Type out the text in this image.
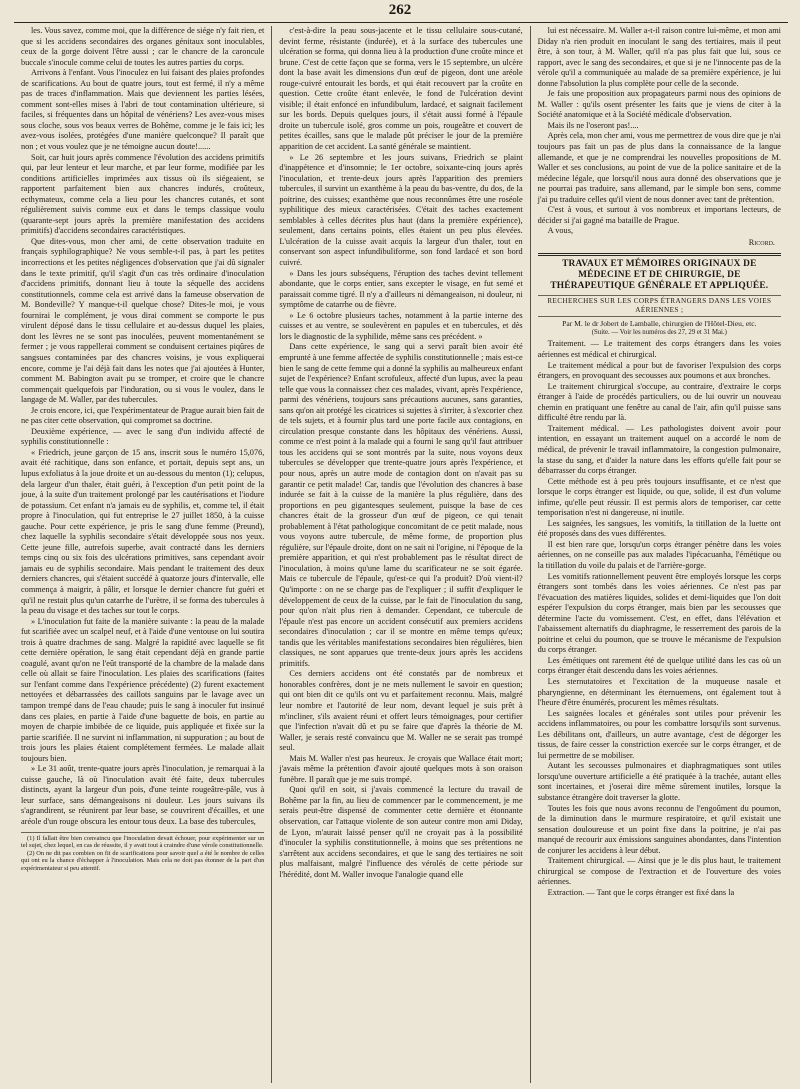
262

les. Vous savez, comme moi, que la différence de siége n'y fait rien, et que si les accidens secondaires des organes génitaux sont inoculables, ceux de la gorge doivent l'être aussi ; car le chancre de la caroncule buccale s'inocule comme celui de toutes les autres parties du corps.

Arrivons à l'enfant. Vous l'inoculez en lui faisant des plaies profondes de scarifications. Au bout de quatre jours, tout est fermé, il n'y a même pas de traces d'inflammation. Mais que deviennent les parties lésées, comment sont-elles mises à l'abri de tout contamination ultérieure, si faciles, si fréquentes dans un hôpital de vénériens? Les avez-vous mises sous cloche, sous vos beaux verres de Bohême, comme je le fais ici; les avez-vous isolées, protégées d'une manière quelconque? Il paraît que non ; et vous voulez que je ne témoigne aucun doute!......

Soit, car huit jours après commence l'évolution des accidens primitifs qui, par leur lenteur et leur marche, et par leur forme, modifiée par les conditions artificielles imprimées aux tissus où ils siégeaient, se rapportent parfaitement bien aux chancres indurés, croûteux, ecthymateux, comme cela a lieu pour les chancres cutanés, et sont régulièrement suivis comme eux et dans le temps classique voulu (quarante-sept jours après la première manifestation des accidens primitifs) d'accidens secondaires caractéristiques.

Que dites-vous, mon cher ami, de cette observation traduite en français syphilographique? Ne vous semble-t-il pas, à part les petites incorrections et les petites négligences d'observation que j'ai dû signaler dans le texte primitif, qu'il s'agit d'un cas très ordinaire d'inoculation d'accidens primitifs, donnant lieu à toute la séquelle des accidens constitutionnels, comme cela est arrivé dans la fameuse observation de M. Bondeville? Y manque-t-il quelque chose? Dites-le moi, je vous fournirai le complément, je vous dirai comment se comporte le pus virulent déposé dans le tissu cellulaire et au-dessus duquel les plaies, dont les lèvres ne se sont pas inoculées, peuvent momentanément se fermer ; je vous rappellerai comment se conduisent certaines piqûres de sangsues contaminées par des chancres voisins, je vous expliquerai encore, comme je l'ai déjà fait dans les notes que j'ai ajoutées à Hunter, comment M. Babington avait pu se tromper, et croire que le chancre commençait quelquefois par l'induration, ou si vous le voulez, dans le langage de M. Waller, par des tubercules.

Je crois encore, ici, que l'expérimentateur de Prague aurait bien fait de ne pas citer cette observation, qui compromet sa doctrine.

Deuxième expérience, — avec le sang d'un individu affecté de syphilis constitutionnelle :

« Friedrich, jeune garçon de 15 ans, inscrit sous le numéro 15,076, avait été rachitique, dans son enfance, et portait, depuis sept ans, un lupus exfoliatus à la joue droite et un au-dessous du menton (1); celupus, dela largeur d'un thaler, était guéri, à l'exception d'un petit point de la joue, à la suite d'un traitement prolongé par les cautérisations et l'iodure de potassium. Cet enfant n'a jamais eu de syphilis, et, comme tel, il était propre à l'inoculation, qui fut entreprise le 27 juillet 1850, à la cuisse gauche. Pour cette expérience, je pris le sang d'une femme (Preund), chez laquelle la syphilis secondaire s'était développée sous nos yeux. Cette jeune fille, autrefois superbe, avait contracté dans les derniers temps cinq ou six fois des ulcérations primitives, sans cependant avoir jamais eu de syphilis secondaire. Mais pendant le traitement des deux derniers chancres, qui s'étaient succédé à quatorze jours d'intervalle, elle commença à maigrir, à pâlir, et lorsque le dernier chancre fut guéri et qu'il ne restait plus qu'un catarrhe de l'urètre, il se forma des tubercules à la peau du visage et des taches sur tout le corps.

» L'inoculation fut faite de la manière suivante : la peau de la malade fut scarifiée avec un scalpel neuf, et à l'aide d'une ventouse on lui soutira trois à quatre drachmes de sang. Malgré la rapidité avec laquelle se fit cette dernière opération, le sang était cependant déjà en grande partie coagulé, avant qu'on ne l'eût transporté de la chambre de la malade dans celle où allait se faire l'inoculation. Les plaies des scarifications (faites sur l'enfant comme dans l'expérience précédente) (2) furent exactement nettoyées et débarrassées des caillots sanguins par le lavage avec un tampon trempé dans de l'eau chaude; puis le sang à inoculer fut insinué dans ces plaies, en partie à l'aide d'une baguette de bois, en partie au moyen de charpie imbibée de ce liquide, puis appliquée et fixée sur la partie scarifiée. Il ne survint ni inflammation, ni suppuration ; au bout de trois jours les plaies étaient complétement fermées. Le malade allait toujours bien.

» Le 31 août, trente-quatre jours après l'inoculation, je remarquai à la cuisse gauche, là où l'inoculation avait été faite, deux tubercules distincts, ayant la largeur d'un pois, d'une teinte rougeâtre-pâle, vus à leur surface, sans démangeaisons ni douleur. Les jours suivans ils s'agrandirent, se réunirent par leur base, se couvrirent d'écailles, et une aréole d'un rouge obscura les entour tous deux. La base des tubercules,

(1) Il fallait être bien convaincu que l'inoculation devait échouer, pour expérimenter sur un tel sujet, chez lequel, en cas de réussite, il y avait tout à craindre d'une vérole constitutionnelle.

(2) On ne dit pas combien on fit de scarifications pour savoir quel a été le nombre de celles qui ont eu la chance d'échapper à l'inoculation. Mais cela ne doit pas étonner de la part d'un expérimentateur si peu attentif.

c'est-à-dire la peau sous-jacente et le tissu cellulaire sous-cutané, devint ferme, résistante (indurée), et à la surface des tubercules une ulcération se forma, qui donna lieu à la production d'une croûte mince et brune. C'est de cette façon que se forma, vers le 15 septembre, un ulcère dont la base avait les dimensions d'un œuf de pigeon, dont une aréole rouge-cuivré entourait les bords, et qui était recouvert par la croûte en question. Cette croûte étant enlevée, le fond de l'ulcération devint visible; il était enfoncé en infundibulum, lardacé, et saignait facilement sur les bords. Depuis quelques jours, il s'était aussi formé à l'épaule droite un tubercule isolé, gros comme un pois, rougeâtre et couvert de petites écailles, sans que le malade pût préciser le jour de la première apparition de cet accident. La santé générale se maintient.

» Le 26 septembre et les jours suivans, Friedrich se plaint d'inappétence et d'insomnie; le 1er octobre, soixante-cinq jours après l'inoculation, et trente-deux jours après l'apparition des premiers tubercules, il survint un exanthème à la peau du bas-ventre, du dos, de la poitrine, des cuisses; exanthème que nous reconnûmes être une roséole syphilitique des mieux caractérisées. C'était des taches exactement semblables à celles décrites plus haut (dans la première expérience), seulement, dans certains points, elles étaient un peu plus élevées. L'ulcération de la cuisse avait acquis la largeur d'un thaler, tout en conservant son aspect infundibuliforme, son fond lardacé et son bord cuivré.

» Dans les jours subséquens, l'éruption des taches devint tellement abondante, que le corps entier, sans excepter le visage, en fut semé et paraissait comme tigré. Il n'y a d'ailleurs ni démangeaison, ni douleur, ni symptôme de catarrhe ou de fièvre.

» Le 6 octobre plusieurs taches, notamment à la partie interne des cuisses et au ventre, se soulevèrent en papules et en tubercules, et dès lors le diagnostic de la syphilide, même sans ces précédent. »

Dans cette expérience, le sang qui a servi paraît bien avoir été emprunté à une femme affectée de syphilis constitutionnelle ; mais est-ce bien le sang de cette femme qui a donné la syphilis au malheureux enfant sujet de l'expérience? Enfant scrofuleux, affecté d'un lupus, avec la peau telle que vous la connaissez chez ces malades, vivant, après l'expérience, parmi des vénériens, toujours sans précautions aucunes, sans garanties, sans qu'on ait protégé les cicatrices si sujettes à s'irriter, à s'excorier chez de tels sujets, et à fournir plus tard une porte facile aux contagions, en circulation presque constante dans les hôpitaux des vénériens. Aussi, comme ce n'est point à la malade qui a fourni le sang qu'il faut attribuer tous les accidens qui se sont montrés par la suite, nous voyons deux tubercules se développer que trente-quatre jours après l'expérience, et pour nous, après un autre mode de contagion dont on n'avait pas su garantir ce petit malade! Car, tandis que l'évolution des chancres à base indurée se fait à la cuisse de la manière la plus régulière, dans des proportions en peu gigantesques seulement, puisque la base de ces chancres était de la grosseur d'un œuf de pigeon, ce qui tenait probablement à l'état pathologique concomitant de ce petit malade, nous vous voyons autre tubercule, de même forme, de proportion plus régulière, sur l'épaule droite, dont on ne sait ni l'origine, ni l'époque de la première apparition, et qui n'est probablement pas le résultat direct de l'inoculation, à moins qu'une lame du scarificateur ne se soit égarée. Mais ce tubercule de l'épaule, qu'est-ce qui l'a produit? D'où vient-il? Qu'importe : on ne se charge pas de l'expliquer ; il suffit d'expliquer le développement de ceux de la cuisse, par le fait de l'inoculation du sang, pour qu'on n'ait plus rien à demander. Cependant, ce tubercule de l'épaule n'est pas encore un accident consécutif aux premiers accidens secondaires d'inoculation ; car il se montre en même temps qu'eux; tandis que les véritables manifestations secondaires bien régulières, bien classiques, ne sont apparues que trente-deux jours après les accidens primitifs.

Ces derniers accidens ont été constatés par de nombreux et honorables confrères, dont je ne mets nullement le savoir en question; qui ont bien dit ce qu'ils ont vu et parfaitement reconnu. Mais, malgré leur nombre et l'autorité de leur nom, devant lequel je suis prêt à m'incliner, s'ils avaient réuni et offert leurs témoignages, pour certifier que l'infection n'avait dû et pu se faire que d'après la théorie de M. Waller, je serais resté convaincu que M. Waller ne se serait pas trompé seul.

Mais M. Waller n'est pas heureux. Je croyais que Wallace était mort; j'avais même la prétention d'avoir ajouté quelques mots à son oraison funèbre. Il paraît que je me suis trompé.

Quoi qu'il en soit, si j'avais commencé la lecture du travail de Bohême par la fin, au lieu de commencer par le commencement, je me serais peut-être dispensé de commenter cette dernière et étonnante observation, car l'attaque violente de son auteur contre mon ami Diday, de Lyon, m'aurait laissé penser qu'il ne croyait pas à la possibilité d'inoculer la syphilis constitutionnelle, à moins que ses prétentions ne s'arrêtent aux accidens secondaires, et que le sang des tertiaires ne soit plus malfaisant, malgré l'influence des vérolés de cette période sur l'hérédité, dont M. Waller invoque l'analogie quand elle

lui est nécessaire. M. Waller a-t-il raison contre lui-même, et mon ami Diday n'a rien produit en inoculant le sang des tertiaires, mais il peut être, à son tour, à M. Waller, qu'il n'a pas plus fait que lui, sous ce rapport, avec le sang des secondaires, et que si je ne l'innocente pas de la vérole qu'il a communiquée au malade de sa première expérience, je lui donne l'absolution la plus complète pour celle de la seconde.

Je fais une proposition aux propagateurs parmi nous des opinions de M. Waller : qu'ils osent présenter les faits que je viens de citer à la Société anatomique et à la Société médicale d'observation.

Mais ils ne l'oseront pas!....

Après cela, mon cher ami, vous me permettrez de vous dire que je n'ai toujours pas fait un pas de plus dans la connaissance de la langue allemande, et que je ne comprendrai les nouvelles propositions de M. Waller et ses conclusions, au point de vue de la police sanitaire et de la médecine légale, que lorsqu'il nous aura donné des observations que je ne pourrai pas traduire, sans allemand, par le simple bon sens, comme j'ai pu traduire celles qu'il vient de nous donner avec tant de prétention.

C'est à vous, et surtout à vos nombreux et importans lecteurs, de décider si j'ai gagné ma bataille de Prague.

A vous,

Ricord.
TRAVAUX ET MÉMOIRES ORIGINAUX DE MÉDECINE ET DE CHIRURGIE, DE THÉRAPEUTIQUE GÉNÉRALE ET APPLIQUÉE.
RECHERCHES SUR LES CORPS ÉTRANGERS DANS LES VOIES AÉRIENNES ;
Par M. le dr Jobert de Lamballe, chirurgien de l'Hôtel-Dieu, etc.
(Suite. — Voir les numéros des 27, 29 et 31 Mai.)

Traitement. — Le traitement des corps étrangers dans les voies aériennes est médical et chirurgical.

Le traitement médical a pour but de favoriser l'expulsion des corps étrangers, en provoquant des secousses aux poumons et aux bronches.

Le traitement chirurgical s'occupe, au contraire, d'extraire le corps étranger à l'aide de procédés particuliers, ou de lui ouvrir un nouveau chemin en pratiquant une fenêtre au canal de l'air, afin qu'il puisse sans difficulté être rendu par là.

Traitement médical. — Les pathologistes doivent avoir pour intention, en essayant un traitement auquel on a accordé le nom de médical, de prévenir le travail inflammatoire, la congestion pulmonaire, la stase du sang, et d'aider la nature dans les efforts qu'elle fait pour se débarrasser du corps étranger.

Cette méthode est à peu près toujours insuffisante, et ce n'est que lorsque le corps étranger est liquide, ou que, solide, il est d'un volume infime, qu'elle peut réussir. Il est permis alors de temporiser, car cette temporisation n'est ni dangereuse, ni inutile.

Les saignées, les sangsues, les vomitifs, la titillation de la luette ont été proposés dans des vues différentes.

Il est bien rare que, lorsqu'un corps étranger pénètre dans les voies aériennes, on ne conseille pas aux malades l'ipécacuanha, l'émétique ou la titillation du voile du palais et de l'arrière-gorge.

Les vomitifs rationnellement peuvent être employés lorsque les corps étrangers sont tombés dans les voies aériennes. Ce n'est pas par l'évacuation des matières liquides, solides et demi-liquides que l'on doit espérer l'expulsion du corps étranger, mais bien par les secousses que détermine l'acte du vomissement. C'est, en effet, dans l'élévation et l'abaissement alternatifs du diaphragme, le resserrement des parois de la poitrine et celui du poumon, que se trouve le mécanisme de l'expulsion du corps étranger.

Les émétiques ont rarement été de quelque utilité dans les cas où un corps étranger était descendu dans les voies aériennes.

Les sternutatoires et l'excitation de la muqueuse nasale et pharyngienne, en déterminant les éternuemens, ont également tout à l'heure d'être énumérés, procurent les mêmes résultats.

Les saignées locales et générales sont utiles pour prévenir les accidens inflammatoires, ou pour les combattre lorsqu'ils sont survenus. Les débilitans ont, d'ailleurs, un autre avantage, c'est de dégorger les tissus, de faire cesser la constriction exercée sur le corps étranger, et de lui permettre de se mobiliser.

Autant les secousses pulmonaires et diaphragmatiques sont utiles lorsqu'une ouverture artificielle a été pratiquée à la trachée, autant elles sont incertaines, et j'oserai dire même sûrement inutiles, lorsque la substance étrangère doit traverser la glotte.

Toutes les fois que nous avons reconnu de l'engoûment du poumon, de la diminution dans le murmure respiratoire, et qu'il existait une sensation douloureuse et un point fixe dans la poitrine, je n'ai pas manqué de recourir aux émissions sanguines abondantes, dans l'intention de conjurer les accidens à leur début.

Traitement chirurgical. — Ainsi que je le dis plus haut, le traitement chirurgical se compose de l'extraction et de l'ouverture des voies aériennes.

Extraction. — Tant que le corps étranger est fixé dans la
